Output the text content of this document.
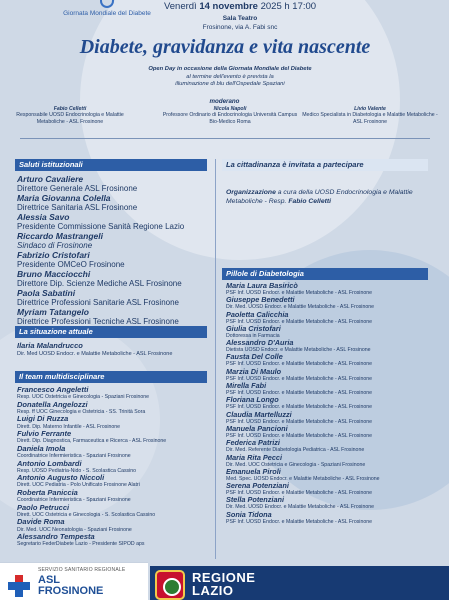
Giornata Mondiale del Diabete
Venerdì 14 novembre 2025 h 17:00
Sala Teatro
Frosinone, via A. Fabi snc
Diabete, gravidanza e vita nascente
Open Day in occasione della Giornata Mondiale del Diabete
al termine dell'evento è prevista la
illuminazione di blu dell'Ospedale Spaziani
moderano
Fabio Celletti
Responsabile UOSD Endocrinologia e Malattie Metaboliche - ASL Frosinone
Nicola Napoli
Professore Ordinario di Endocrinologia Università Campus Bio-Medico Roma
Livio Valente
Medico Specialista in Diabetologia e Malattie Metaboliche - ASL Frosinone
Saluti istituzionali
Arturo Cavaliere
Direttore Generale ASL Frosinone
Maria Giovanna Colella
Direttrice Sanitaria ASL Frosinone
Alessia Savo
Presidente Commissione Sanità Regione Lazio
Riccardo Mastrangeli
Sindaco di Frosinone
Fabrizio Cristofari
Presidente OMCeO Frosinone
Bruno Macciocchi
Direttore Dip. Scienze Mediche ASL Frosinone
Paola Sabatini
Direttrice Professioni Sanitarie ASL Frosinone
Myriam Tatangelo
Direttrice Professioni Tecniche ASL Frosinone
La situazione attuale
Ilaria Malandrucco
Dir. Med UOSD Endocr. e Malattie Metaboliche - ASL Frosinone
Il team multidisciplinare
Francesco Angeletti
Resp. UOC Ostetricia e Ginecologia - Spaziani Frosinone
Donatella Angelozzi
Resp. ff UOC Ginecologia e Ostetricia - SS. Trinità Sora
Luigi Di Ruzza
Dirett. Dip. Materno Infantile - ASL Frosinone
Fulvio Ferrante
Dirett. Dip. Diagnostica, Farmaceutica e Ricerca - ASL Frosinone
Daniela Imola
Coordinatrice Infermieristica - Spaziani Frosinone
Antonio Lombardi
Resp. UOSD Pediatria-Nido - S. Scolastica Cassino
Antonio Augusto Niccoli
Dirett. UOC Pediatria - Polo Unificato Frosinone Alatri
Roberta Paniccia
Coordinatrice Infermieristica - Spaziani Frosinone
Paolo Petrucci
Dirett. UOC Ostetricia e Ginecologia - S. Scolastica Cassino
Davide Roma
Dir. Med. UOC Neonatologia - Spaziani Frosinone
Alessandro Tempesta
Segretario FederDiabete Lazio - Presidente SIPOD aps
La cittadinanza è invitata a partecipare
Organizzazione a cura della UOSD Endocrinologia e Malattie Metaboliche - Resp. Fabio Celletti
Pillole di Diabetologia
Maria Laura Basiricò
PSF Inf. UOSD Endocr. e Malattie Metaboliche - ASL Frosinone
Giuseppe Benedetti
Dir. Med. UOSD Endocr. e Malattie Metaboliche - ASL Frosinone
Paoletta Calicchia
PSF Inf. UOSD Endocr. e Malattie Metaboliche - ASL Frosinone
Giulia Cristofari
Dottoressa in Farmacia
Alessandro D'Auria
Dietista UOSD Endocr. e Malattie Metaboliche - ASL Frosinone
Fausta Del Colle
PSF Inf. UOSD Endocr. e Malattie Metaboliche - ASL Frosinone
Marzia Di Maulo
PSF Inf. UOSD Endocr. e Malattie Metaboliche - ASL Frosinone
Mirella Fabi
PSF Inf. UOSD Endocr. e Malattie Metaboliche - ASL Frosinone
Floriana Longo
PSF Inf. UOSD Endocr. e Malattie Metaboliche - ASL Frosinone
Claudia Martelluzzi
PSF Inf. UOSD Endocr. e Malattie Metaboliche - ASL Frosinone
Manuela Pancioni
PSF Inf. UOSD Endocr. e Malattie Metaboliche - ASL Frosinone
Federica Patrizi
Dir. Med. Referente Diabetologia Pediatrica - ASL Frosinone
Maria Rita Pecci
Dir. Med. UOC Ostetricia e Ginecologia - Spaziani Frosinone
Emanuela Piroli
Med. Spec. UOSD Endocr. e Malattie Metaboliche - ASL Frosinone
Serena Potenziani
PSF Inf. UOSD Endocr. e Malattie Metaboliche - ASL Frosinone
Stella Potenziani
Dir. Med. UOSD Endocr. e Malattie Metaboliche - ASL Frosinone
Sonia Tidona
PSF Inf. UOSD Endocr. e Malattie Metaboliche - ASL Frosinone
SERVIZIO SANITARIO REGIONALE
ASL
FROSINONE
REGIONE
LAZIO
